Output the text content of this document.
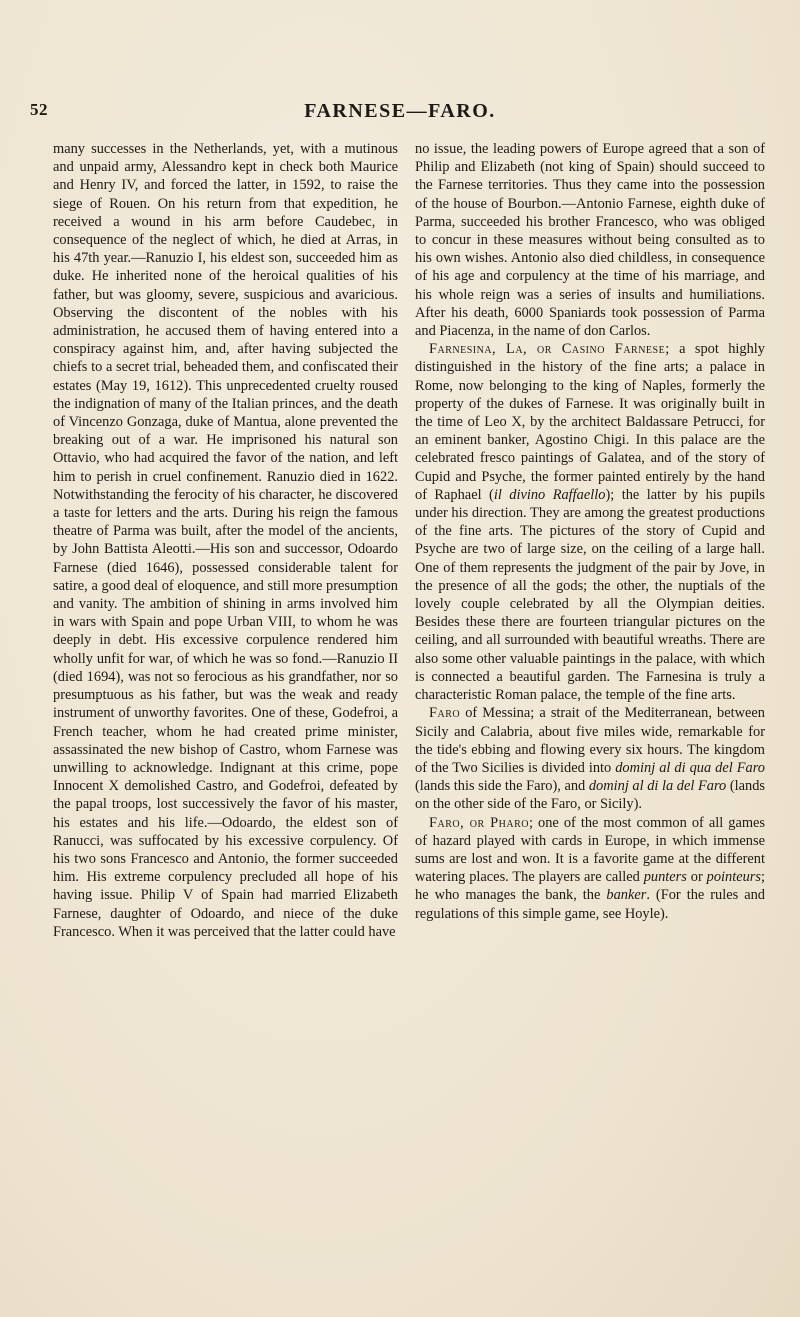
52	FARNESE—FARO.

many successes in the Netherlands, yet, with a mutinous and unpaid army, Alessandro kept in check both Maurice and Henry IV, and forced the latter, in 1592, to raise the siege of Rouen. On his return from that expedition, he received a wound in his arm before Caudebec, in consequence of the neglect of which, he died at Arras, in his 47th year.—Ranuzio I, his eldest son, succeeded him as duke. He inherited none of the heroical qualities of his father, but was gloomy, severe, suspicious and avaricious. Observing the discontent of the nobles with his administration, he accused them of having entered into a conspiracy against him, and, after having subjected the chiefs to a secret trial, beheaded them, and confiscated their estates (May 19, 1612). This unprecedented cruelty roused the indignation of many of the Italian princes, and the death of Vincenzo Gonzaga, duke of Mantua, alone prevented the breaking out of a war. He imprisoned his natural son Ottavio, who had acquired the favor of the nation, and left him to perish in cruel confinement. Ranuzio died in 1622. Notwithstanding the ferocity of his character, he discovered a taste for letters and the arts. During his reign the famous theatre of Parma was built, after the model of the ancients, by John Battista Aleotti.—His son and successor, Odoardo Farnese (died 1646), possessed considerable talent for satire, a good deal of eloquence, and still more presumption and vanity. The ambition of shining in arms involved him in wars with Spain and pope Urban VIII, to whom he was deeply in debt. His excessive corpulence rendered him wholly unfit for war, of which he was so fond.—Ranuzio II (died 1694), was not so ferocious as his grandfather, nor so presumptuous as his father, but was the weak and ready instrument of unworthy favorites. One of these, Godefroi, a French teacher, whom he had created prime minister, assassinated the new bishop of Castro, whom Farnese was unwilling to acknowledge. Indignant at this crime, pope Innocent X demolished Castro, and Godefroi, defeated by the papal troops, lost successively the favor of his master, his estates and his life.—Odoardo, the eldest son of Ranucci, was suffocated by his excessive corpulency. Of his two sons Francesco and Antonio, the former succeeded him. His extreme corpulency precluded all hope of his having issue. Philip V of Spain had married Elizabeth Farnese, daughter of Odoardo, and niece of the duke Francesco. When it was perceived that the latter could have

no issue, the leading powers of Europe agreed that a son of Philip and Elizabeth (not king of Spain) should succeed to the Farnese territories. Thus they came into the possession of the house of Bourbon.—Antonio Farnese, eighth duke of Parma, succeeded his brother Francesco, who was obliged to concur in these measures without being consulted as to his own wishes. Antonio also died childless, in consequence of his age and corpulency at the time of his marriage, and his whole reign was a series of insults and humiliations. After his death, 6000 Spaniards took possession of Parma and Piacenza, in the name of don Carlos.

Farnesina, La, or Casino Farnese; a spot highly distinguished in the history of the fine arts; a palace in Rome, now belonging to the king of Naples, formerly the property of the dukes of Farnese. It was originally built in the time of Leo X, by the architect Baldassare Petrucci, for an eminent banker, Agostino Chigi. In this palace are the celebrated fresco paintings of Galatea, and of the story of Cupid and Psyche, the former painted entirely by the hand of Raphael (il divino Raffaello); the latter by his pupils under his direction. They are among the greatest productions of the fine arts. The pictures of the story of Cupid and Psyche are two of large size, on the ceiling of a large hall. One of them represents the judgment of the pair by Jove, in the presence of all the gods; the other, the nuptials of the lovely couple celebrated by all the Olympian deities. Besides these there are fourteen triangular pictures on the ceiling, and all surrounded with beautiful wreaths. There are also some other valuable paintings in the palace, with which is connected a beautiful garden. The Farnesina is truly a characteristic Roman palace, the temple of the fine arts.

Faro of Messina; a strait of the Mediterranean, between Sicily and Calabria, about five miles wide, remarkable for the tide's ebbing and flowing every six hours. The kingdom of the Two Sicilies is divided into dominj al di qua del Faro (lands this side the Faro), and dominj al di la del Faro (lands on the other side of the Faro, or Sicily).

Faro, or Pharo; one of the most common of all games of hazard played with cards in Europe, in which immense sums are lost and won. It is a favorite game at the different watering places. The players are called punters or pointeurs; he who manages the bank, the banker. (For the rules and regulations of this simple game, see Hoyle).
